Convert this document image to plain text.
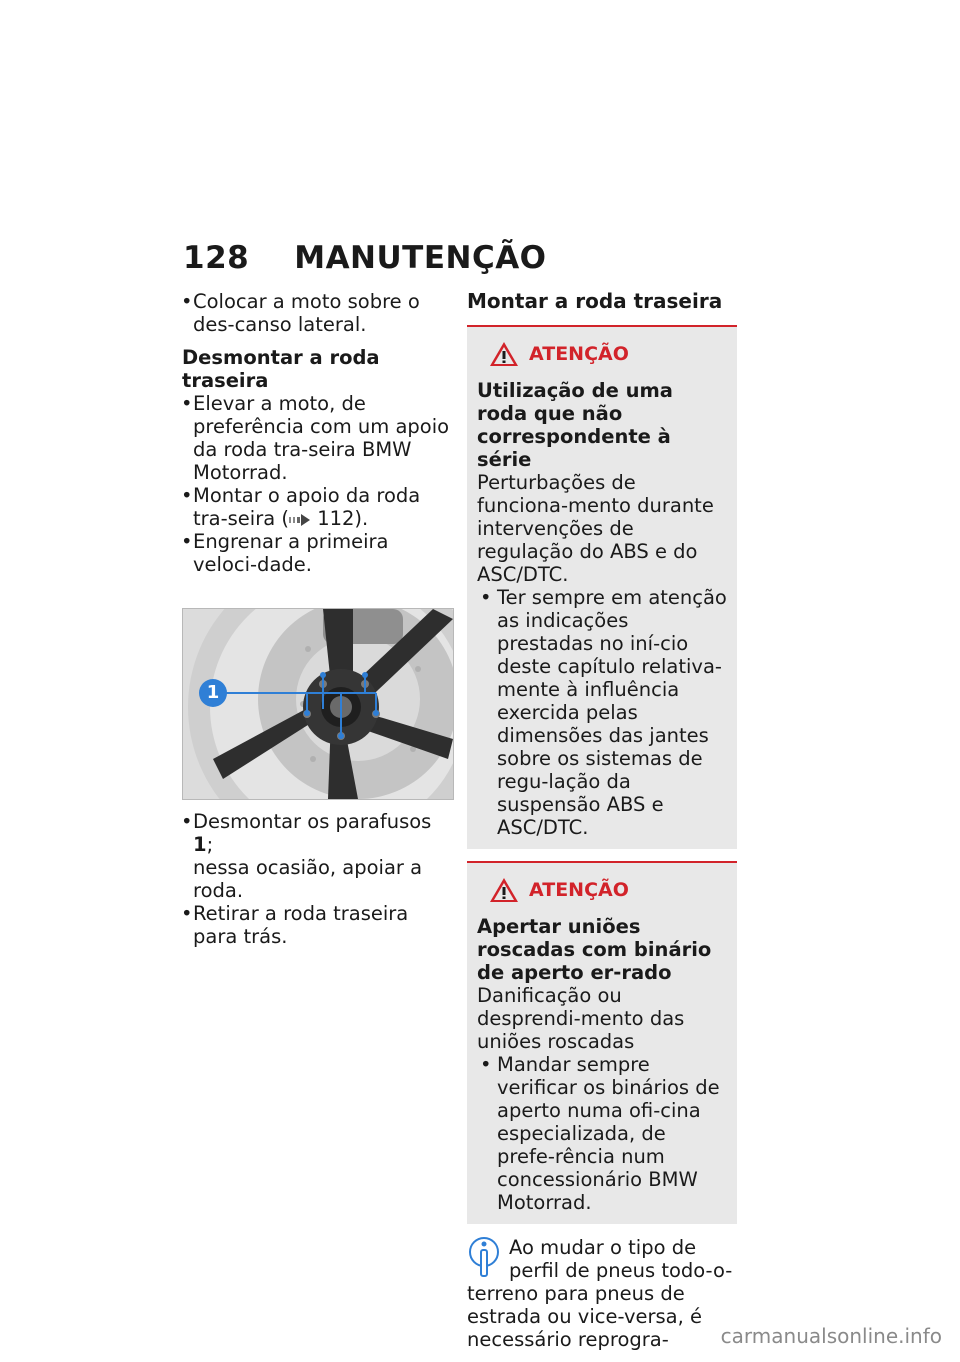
128 MANUTENÇÃO

• Colocar a moto sobre o des-canso lateral.

Desmontar a roda traseira

• Elevar a moto, de preferência com um apoio da roda tra-seira BMW Motorrad.

• Montar o apoio da roda tra-seira ( 112).

• Engrenar a primeira veloci-dade.

1

• Desmontar os parafusos 1;
nessa ocasião, apoiar a roda.

• Retirar a roda traseira para trás.

Montar a roda traseira

ATENÇÃO
Utilização de uma roda que não correspondente à série
Perturbações de funciona-mento durante intervenções de regulação do ABS e do ASC/DTC.
• Ter sempre em atenção as indicações prestadas no iní-cio deste capítulo relativa-mente à influência exercida pelas dimensões das jantes sobre os sistemas de regu-lação da suspensão ABS e ASC/DTC.
ATENÇÃO
Apertar uniões roscadas com binário de aperto er-rado
Danificação ou desprendi-mento das uniões roscadas
• Mandar sempre verificar os binários de aperto numa ofi-cina especializada, de prefe-rência num concessionário BMW Motorrad.
Ao mudar o tipo de perfil de pneus todo-o-terreno para pneus de estrada ou vice-versa, é necessário reprogra-	carmanualsonline.info
